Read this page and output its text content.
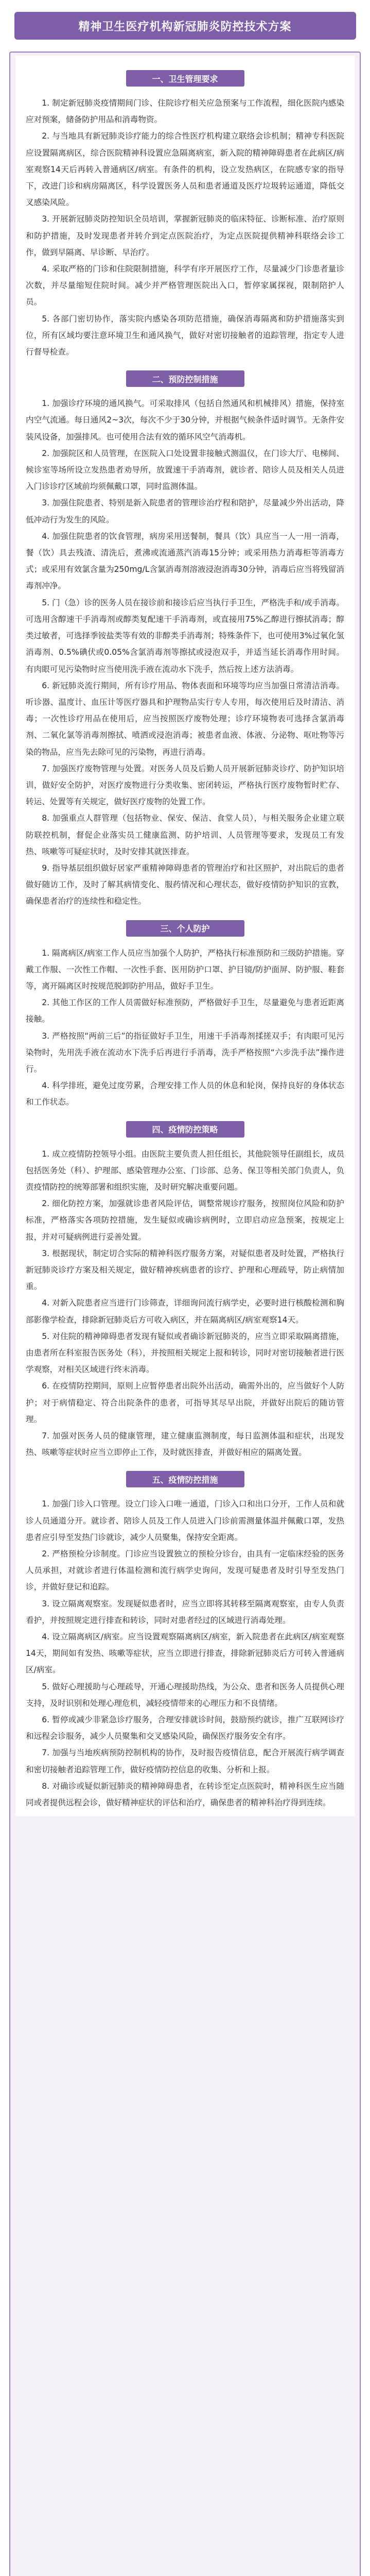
精神卫生医疗机构新冠肺炎防控技术方案
一、卫生管理要求

1. 制定新冠肺炎疫情期间门诊、住院诊疗相关应急预案与工作流程，细化医院内感染应对预案，储备防护用品和消毒物资。

2. 与当地具有新冠肺炎诊疗能力的综合性医疗机构建立联络会诊机制；精神专科医院应设置隔离病区，综合医院精神科设置应急隔离病室，新入院的精神障碍患者在此病区/病室观察14天后再转入普通病区/病室。有条件的机构，设立发热病区，在院感专家的指导下，改进门诊和病房隔离区，科学设置医务人员和患者通道及医疗垃圾转运通道，降低交叉感染风险。

3. 开展新冠肺炎防控知识全员培训，掌握新冠肺炎的临床特征、诊断标准、治疗原则和防护措施，及时发现患者并转介到定点医院治疗，为定点医院提供精神科联络会诊工作，做到早隔离、早诊断、早治疗。

4. 采取严格的门诊和住院限制措施，科学有序开展医疗工作，尽量减少门诊患者量诊次数，并尽量缩短住院时间。减少并严格管理医院出入口，暂停家属探视，限制陪护人员。

5. 各部门密切协作，落实院内感染各项防范措施，确保消毒隔离和防护措施落实到位，所有区域均要注意环境卫生和通风换气，做好对密切接触者的追踪管理，指定专人进行督导检查。

二、预防控制措施

1. 加强诊疗环境的通风换气。可采取排风（包括自然通风和机械排风）措施，保持室内空气流通。每日通风2~3次，每次不少于30分钟，并根据气候条件适时调节。无条件安装风设备，加强排风。也可使用合法有效的循环风空气消毒机。

2. 加强院区和人员管理，在医院入口处设置非接触式测温仪，在门诊大厅、电梯间、候诊室等场所设立发热患者劝导所，放置速干手消毒剂，就诊者、陪诊人员及相关人员进入门诊诊疗区域前均须佩戴口罩，同时监测体温。

3. 加强住院患者、特别是新入院患者的管理诊治疗程和陪护，尽量减少外出活动，降低冲动行为发生的风险。

4. 加强住院患者的饮食管理，病房采用送餐制，餐具（饮）具应当一人一用一消毒，餐（饮）具去残渣、清洗后，煮沸或流通蒸汽消毒15分钟；或采用热力消毒柜等消毒方式；或采用有效氯含量为250mg/L含氯消毒剂溶液浸泡消毒30分钟，消毒后应当将残留消毒剂冲净。

5. 门（急）诊的医务人员在接诊前和接诊后应当执行手卫生，严格洗手和/或手消毒。可选用含醇速干手消毒剂或醇类复配速干手消毒剂，或直接用75%乙醇进行擦拭消毒；醇类过敏者，可选择季铵盐类等有效的非醇类手消毒剂；特殊条件下，也可使用3%过氧化氢消毒剂、0.5%碘伏或0.05%含氯消毒剂等擦拭或浸泡双手，并适当延长消毒作用时间。有肉眼可见污染物时应当使用洗手液在流动水下洗手，然后按上述方法消毒。

6. 新冠肺炎流行期间，所有诊疗用品、物体表面和环境等均应当加强日常清洁消毒。听诊器、温度计、血压计等医疗器具和护理物品实行专人专用，每次使用后及时清洁、消毒；一次性诊疗用品在使用后，应当按照医疗废物处理；诊疗环境物表可选择含氯消毒剂、二氧化氯等消毒剂擦拭、喷洒或浸泡消毒；被患者血液、体液、分泌物、呕吐物等污染的物品，应当先去除可见的污染物，再进行消毒。

7. 加强医疗废物管理与处置。对医务人员及后勤人员开展新冠肺炎诊疗、防护知识培训，做好安全防护，对医疗废物进行分类收集、密闭转运，严格执行医疗废物暂时贮存、转运、处置等有关规定，做好医疗废物的处置工作。

8. 加强重点人群管理（包括物业、保安、保洁、食堂人员），与相关服务企业建立联防联控机制，督促企业落实员工健康监测、防护培训、人员管理等要求，发现员工有发热、咳嗽等可疑症状时，及时安排其就医排查。

9. 指导基层组织做好居家严重精神障碍患者的管理治疗和社区照护，对出院后的患者做好随访工作，及时了解其病情变化、服药情况和心理状态，做好疫情防护知识的宣教，确保患者治疗的连续性和稳定性。

三、个人防护

1. 隔离病区/病室工作人员应当加强个人防护，严格执行标准预防和三级防护措施。穿戴工作服、一次性工作帽、一次性手套、医用防护口罩、护目镜/防护面屏、防护服、鞋套等，离开隔离区时按规范脱卸防护用品，做好手卫生。

2. 其他工作区的工作人员需做好标准预防，严格做好手卫生，尽量避免与患者近距离接触。

3. 严格按照“两前三后”的指征做好手卫生，用速干手消毒剂揉搓双手；有肉眼可见污染物时，先用洗手液在流动水下洗手后再进行手消毒，洗手严格按照“六步洗手法”操作进行。

4. 科学排班，避免过度劳累，合理安排工作人员的休息和轮岗，保持良好的身体状态和工作状态。

四、疫情防控策略

1. 成立疫情防控领导小组。由医院主要负责人担任组长，其他院领导任副组长，成员包括医务处（科）、护理部、感染管理办公室、门诊部、总务、保卫等相关部门负责人，负责疫情防控的统筹部署和组织实施，及时研究解决重要问题。

2. 细化防控方案，加强就诊患者风险评估，调整常规诊疗服务，按照岗位风险和防护标准，严格落实各项防控措施，发生疑似或确诊病例时，立即启动应急预案，按规定上报，并对可疑病例进行妥善处置。

3. 根据现状，制定切合实际的精神科医疗服务方案，对疑似患者及时处置，严格执行新冠肺炎诊疗方案及相关规定，做好精神疾病患者的诊疗、护理和心理疏导，防止病情加重。

4. 对新入院患者应当进行门诊筛查，详细询问流行病学史，必要时进行核酸检测和胸部影像学检查，排除新冠肺炎后方可收入病区，并在隔离病区/病室观察14天。

5. 对住院的精神障碍患者发现有疑似或者确诊新冠肺炎的，应当立即采取隔离措施，由患者所在科室报告医务处（科），并按照相关规定上报和转诊，同时对密切接触者进行医学观察，对相关区域进行终末消毒。

6. 在疫情防控期间，原则上应暂停患者出院外出活动，确需外出的，应当做好个人防护；对于病情稳定、符合出院条件的患者，可指导其尽早出院，并做好出院后的随访管理。

7. 加强对医务人员的健康管理，建立健康监测制度，每日监测体温和症状，出现发热、咳嗽等症状时应当立即停止工作，及时就医排查，并做好相应的隔离处置。

五、疫情防控措施

1. 加强门诊入口管理。设立门诊入口唯一通道，门诊入口和出口分开，工作人员和就诊人员通道分开。就诊者、陪诊人员及工作人员进入门诊前需测量体温并佩戴口罩，发热患者应引导至发热门诊就诊，减少人员聚集，保持安全距离。

2. 严格预检分诊制度。门诊应当设置独立的预检分诊台，由具有一定临床经验的医务人员承担，对就诊者进行体温检测和流行病学史询问，发现可疑患者及时引导至发热门诊，并做好登记和追踪。

3. 设立隔离观察室。发现疑似患者时，应当立即将其转移至隔离观察室，由专人负责看护，并按照规定进行排查和转诊，同时对患者经过的区域进行消毒处理。

4. 设立隔离病区/病室。应当设置观察隔离病区/病室，新入院患者在此病区/病室观察14天，期间如有发热、咳嗽等症状，应当立即进行排查，排除新冠肺炎后方可转入普通病区/病室。

5. 做好心理援助与心理疏导，开通心理援助热线，为公众、患者和医务人员提供心理支持，及时识别和处理心理危机，减轻疫情带来的心理压力和不良情绪。

6. 暂停或减少非紧急诊疗服务，合理安排就诊时间，鼓励预约就诊，推广互联网诊疗和远程会诊服务，减少人员聚集和交叉感染风险，确保医疗服务安全有序。

7. 加强与当地疾病预防控制机构的协作，及时报告疫情信息，配合开展流行病学调查和密切接触者追踪管理工作，做好疫情防控信息的收集、分析和上报。

8. 对确诊或疑似新冠肺炎的精神障碍患者，在转诊至定点医院时，精神科医生应当随同或者提供远程会诊，做好精神症状的评估和治疗，确保患者的精神科治疗得到连续。
